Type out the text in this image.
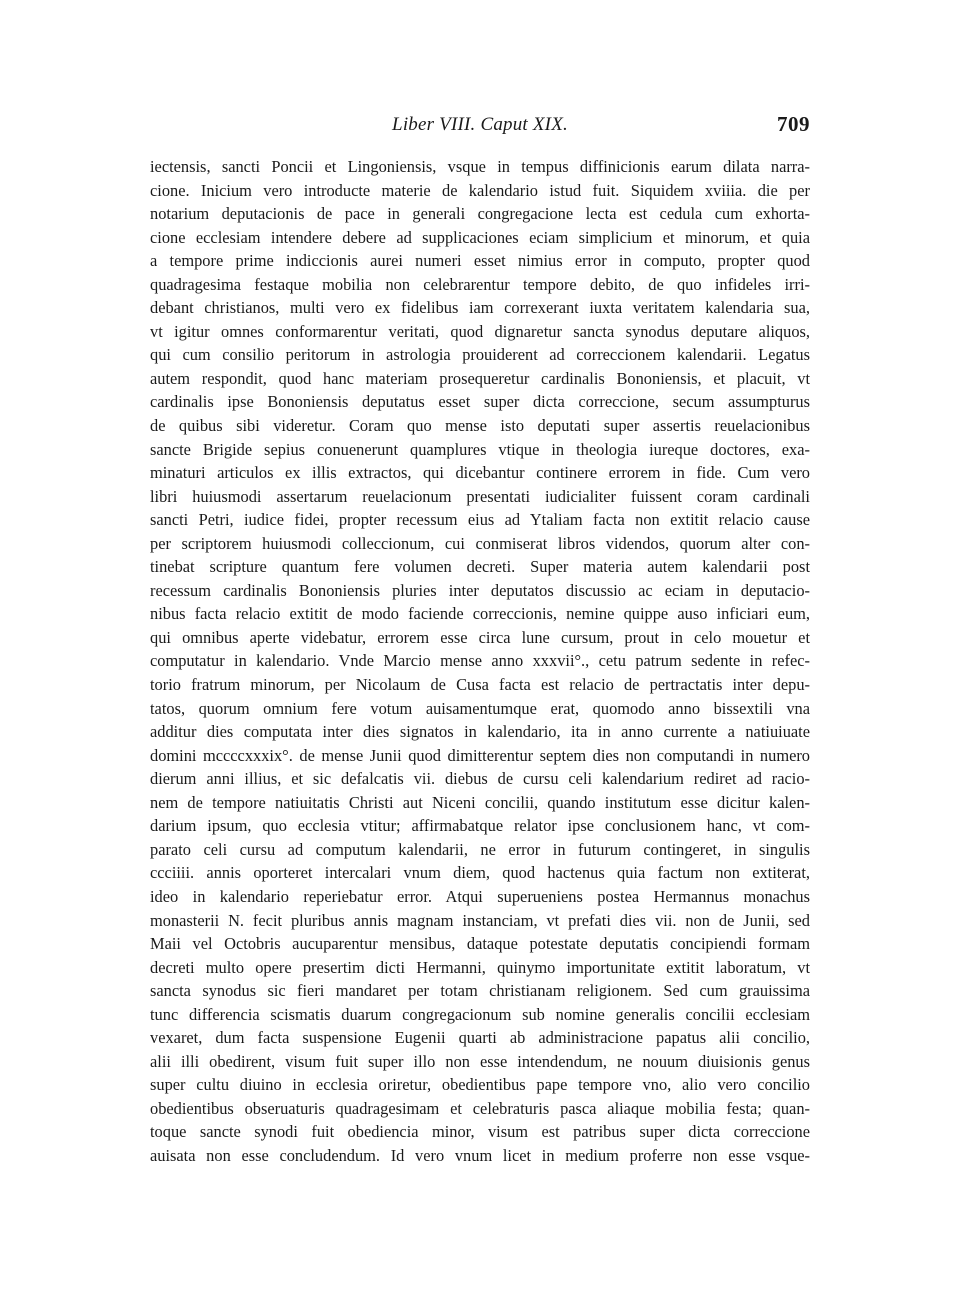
Liber VIII. Caput XIX.	709
iectensis, sancti Poncii et Lingoniensis, vsque in tempus diffinicionis earum dilata narra-
cione. Inicium vero introducte materie de kalendario istud fuit. Siquidem xviiia. die per
notarium deputacionis de pace in generali congregacione lecta est cedula cum exhorta-
cione ecclesiam intendere debere ad supplicaciones eciam simplicium et minorum, et quia
a tempore prime indiccionis aurei numeri esset nimius error in computo, propter quod
quadragesima festaque mobilia non celebrarentur tempore debito, de quo infideles irri-
debant christianos, multi vero ex fidelibus iam correxerant iuxta veritatem kalendaria sua,
vt igitur omnes conformarentur veritati, quod dignaretur sancta synodus deputare aliquos,
qui cum consilio peritorum in astrologia prouiderent ad correccionem kalendarii. Legatus
autem respondit, quod hanc materiam prosequeretur cardinalis Bononiensis, et placuit, vt
cardinalis ipse Bononiensis deputatus esset super dicta correccione, secum assumpturus
de quibus sibi videretur. Coram quo mense isto deputati super assertis reuelacionibus
sancte Brigide sepius conuenerunt quamplures vtique in theologia iureque doctores, exa-
minaturi articulos ex illis extractos, qui dicebantur continere errorem in fide. Cum vero
libri huiusmodi assertarum reuelacionum presentati iudicialiter fuissent coram cardinali
sancti Petri, iudice fidei, propter recessum eius ad Ytaliam facta non extitit relacio cause
per scriptorem huiusmodi colleccionum, cui conmiserat libros videndos, quorum alter con-
tinebat scripture quantum fere volumen decreti. Super materia autem kalendarii post
recessum cardinalis Bononiensis pluries inter deputatos discussio ac eciam in deputacio-
nibus facta relacio extitit de modo faciende correccionis, nemine quippe auso inficiari eum,
qui omnibus aperte videbatur, errorem esse circa lune cursum, prout in celo mouetur et
computatur in kalendario. Vnde Marcio mense anno xxxvii°., cetu patrum sedente in refec-
torio fratrum minorum, per Nicolaum de Cusa facta est relacio de pertractatis inter depu-
tatos, quorum omnium fere votum auisamentumque erat, quomodo anno bissextili vna
additur dies computata inter dies signatos in kalendario, ita in anno currente a natiuiuate
domini mccccxxxix°. de mense Junii quod dimitterentur septem dies non computandi in numero
dierum anni illius, et sic defalcatis vii. diebus de cursu celi kalendarium rediret ad racio-
nem de tempore natiuitatis Christi aut Niceni concilii, quando institutum esse dicitur kalen-
darium ipsum, quo ecclesia vtitur; affirmabatque relator ipse conclusionem hanc, vt com-
parato celi cursu ad computum kalendarii, ne error in futurum contingeret, in singulis
ccciiii. annis oporteret intercalari vnum diem, quod hactenus quia factum non extiterat,
ideo in kalendario reperiebatur error. Atqui superueniens postea Hermannus monachus
monasterii N. fecit pluribus annis magnam instanciam, vt prefati dies vii. non de Junii, sed
Maii vel Octobris aucuparentur mensibus, dataque potestate deputatis concipiendi formam
decreti multo opere presertim dicti Hermanni, quinymo importunitate extitit laboratum, vt
sancta synodus sic fieri mandaret per totam christianam religionem. Sed cum grauissima
tunc differencia scismatis duarum congregacionum sub nomine generalis concilii ecclesiam
vexaret, dum facta suspensione Eugenii quarti ab administracione papatus alii concilio,
alii illi obedirent, visum fuit super illo non esse intendendum, ne nouum diuisionis genus
super cultu diuino in ecclesia oriretur, obedientibus pape tempore vno, alio vero concilio
obedientibus obseruaturis quadragesimam et celebraturis pasca aliaque mobilia festa; quan-
toque sancte synodi fuit obediencia minor, visum est patribus super dicta correccione
auisata non esse concludendum. Id vero vnum licet in medium proferre non esse vsque-
